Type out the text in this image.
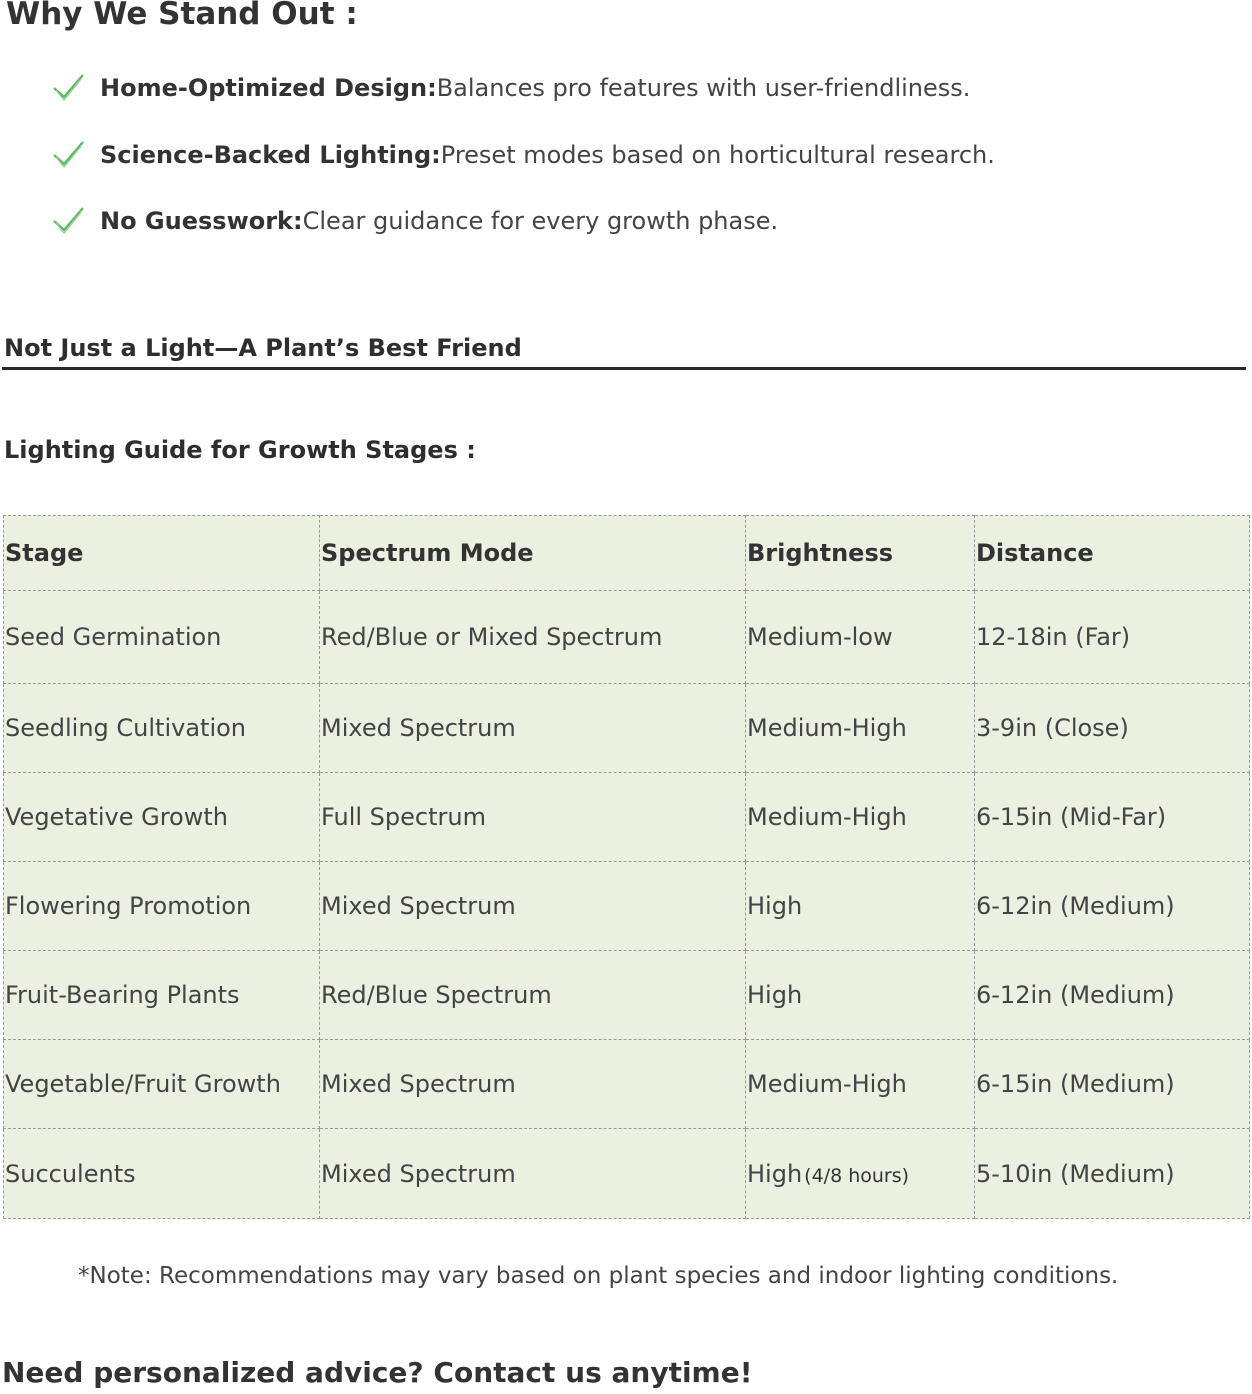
Why We Stand Out :
Home-Optimized Design: Balances pro features with user-friendliness.
Science-Backed Lighting: Preset modes based on horticultural research.
No Guesswork: Clear guidance for every growth phase.
Not Just a Light—A Plant’s Best Friend
Lighting Guide for Growth Stages :
Stage	Spectrum Mode	Brightness	Distance
Seed Germination	Red/Blue or Mixed Spectrum	Medium-low	12-18in (Far)
Seedling Cultivation	Mixed Spectrum	Medium-High	3-9in (Close)
Vegetative Growth	Full Spectrum	Medium-High	6-15in (Mid-Far)
Flowering Promotion	Mixed Spectrum	High	6-12in (Medium)
Fruit-Bearing Plants	Red/Blue Spectrum	High	6-12in (Medium)
Vegetable/Fruit Growth	Mixed Spectrum	Medium-High	6-15in (Medium)
Succulents	Mixed Spectrum	High (4/8 hours)	5-10in (Medium)

*Note: Recommendations may vary based on plant species and indoor lighting conditions.

Need personalized advice? Contact us anytime!
